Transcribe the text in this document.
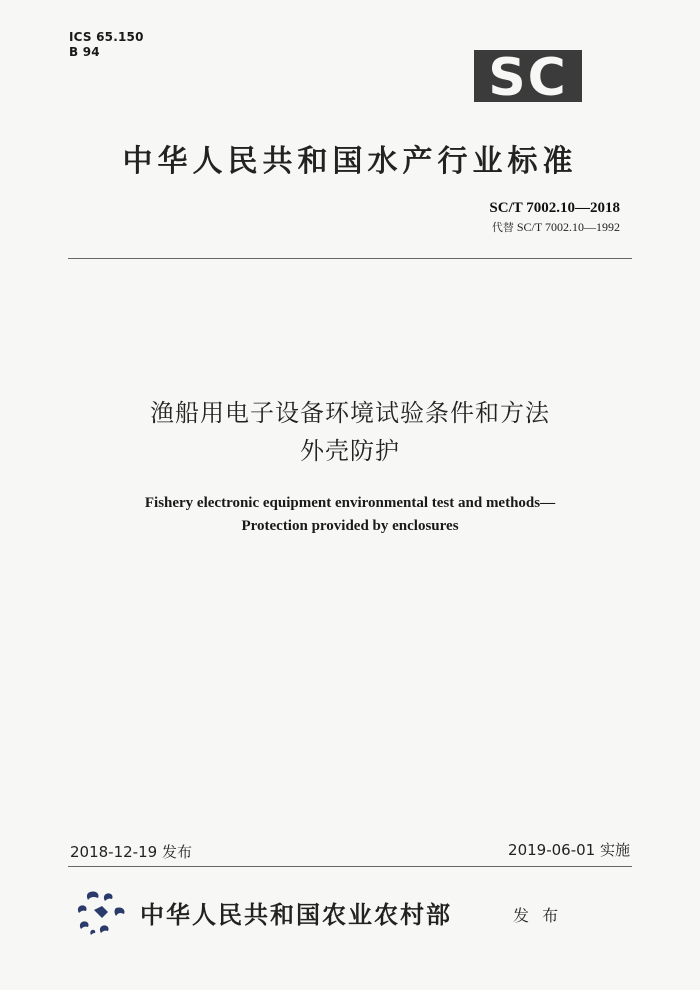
ICS 65.150
B 94	SC
中华人民共和国水产行业标准
SC/T 7002.10—2018
代替 SC/T 7002.10—1992
渔船用电子设备环境试验条件和方法
外壳防护
Fishery electronic equipment environmental test and methods—
Protection provided by enclosures
2018-12-19 发布	2019-06-01 实施
中华人民共和国农业农村部	发 布
